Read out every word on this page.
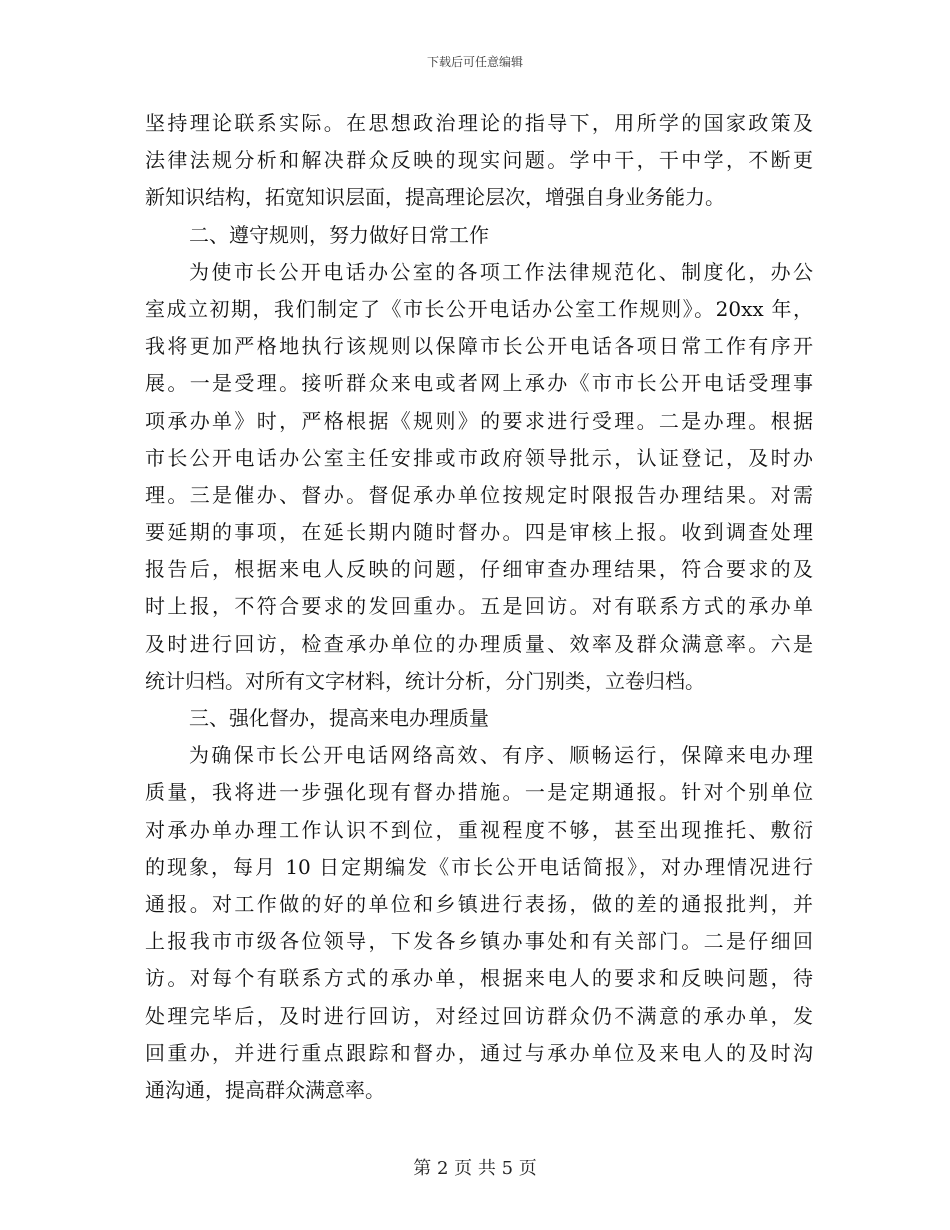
下载后可任意编辑
坚持理论联系实际。在思想政治理论的指导下，用所学的国家政策及
法律法规分析和解决群众反映的现实问题。学中干，干中学，不断更
新知识结构，拓宽知识层面，提高理论层次，增强自身业务能力。
二、遵守规则，努力做好日常工作
为使市长公开电话办公室的各项工作法律规范化、制度化，办公
室成立初期，我们制定了《市长公开电话办公室工作规则》。20xx 年，
我将更加严格地执行该规则以保障市长公开电话各项日常工作有序开
展。一是受理。接听群众来电或者网上承办《市市长公开电话受理事
项承办单》时，严格根据《规则》的要求进行受理。二是办理。根据
市长公开电话办公室主任安排或市政府领导批示，认证登记，及时办
理。三是催办、督办。督促承办单位按规定时限报告办理结果。对需
要延期的事项，在延长期内随时督办。四是审核上报。收到调查处理
报告后，根据来电人反映的问题，仔细审查办理结果，符合要求的及
时上报，不符合要求的发回重办。五是回访。对有联系方式的承办单
及时进行回访，检查承办单位的办理质量、效率及群众满意率。六是
统计归档。对所有文字材料，统计分析，分门别类，立卷归档。
三、强化督办，提高来电办理质量
为确保市长公开电话网络高效、有序、顺畅运行，保障来电办理
质量，我将进一步强化现有督办措施。一是定期通报。针对个别单位
对承办单办理工作认识不到位，重视程度不够，甚至出现推托、敷衍
的现象，每月 10 日定期编发《市长公开电话简报》，对办理情况进行
通报。对工作做的好的单位和乡镇进行表扬，做的差的通报批判，并
上报我市市级各位领导，下发各乡镇办事处和有关部门。二是仔细回
访。对每个有联系方式的承办单，根据来电人的要求和反映问题，待
处理完毕后，及时进行回访，对经过回访群众仍不满意的承办单，发
回重办，并进行重点跟踪和督办，通过与承办单位及来电人的及时沟
通沟通，提高群众满意率。
第 2 页 共 5 页
